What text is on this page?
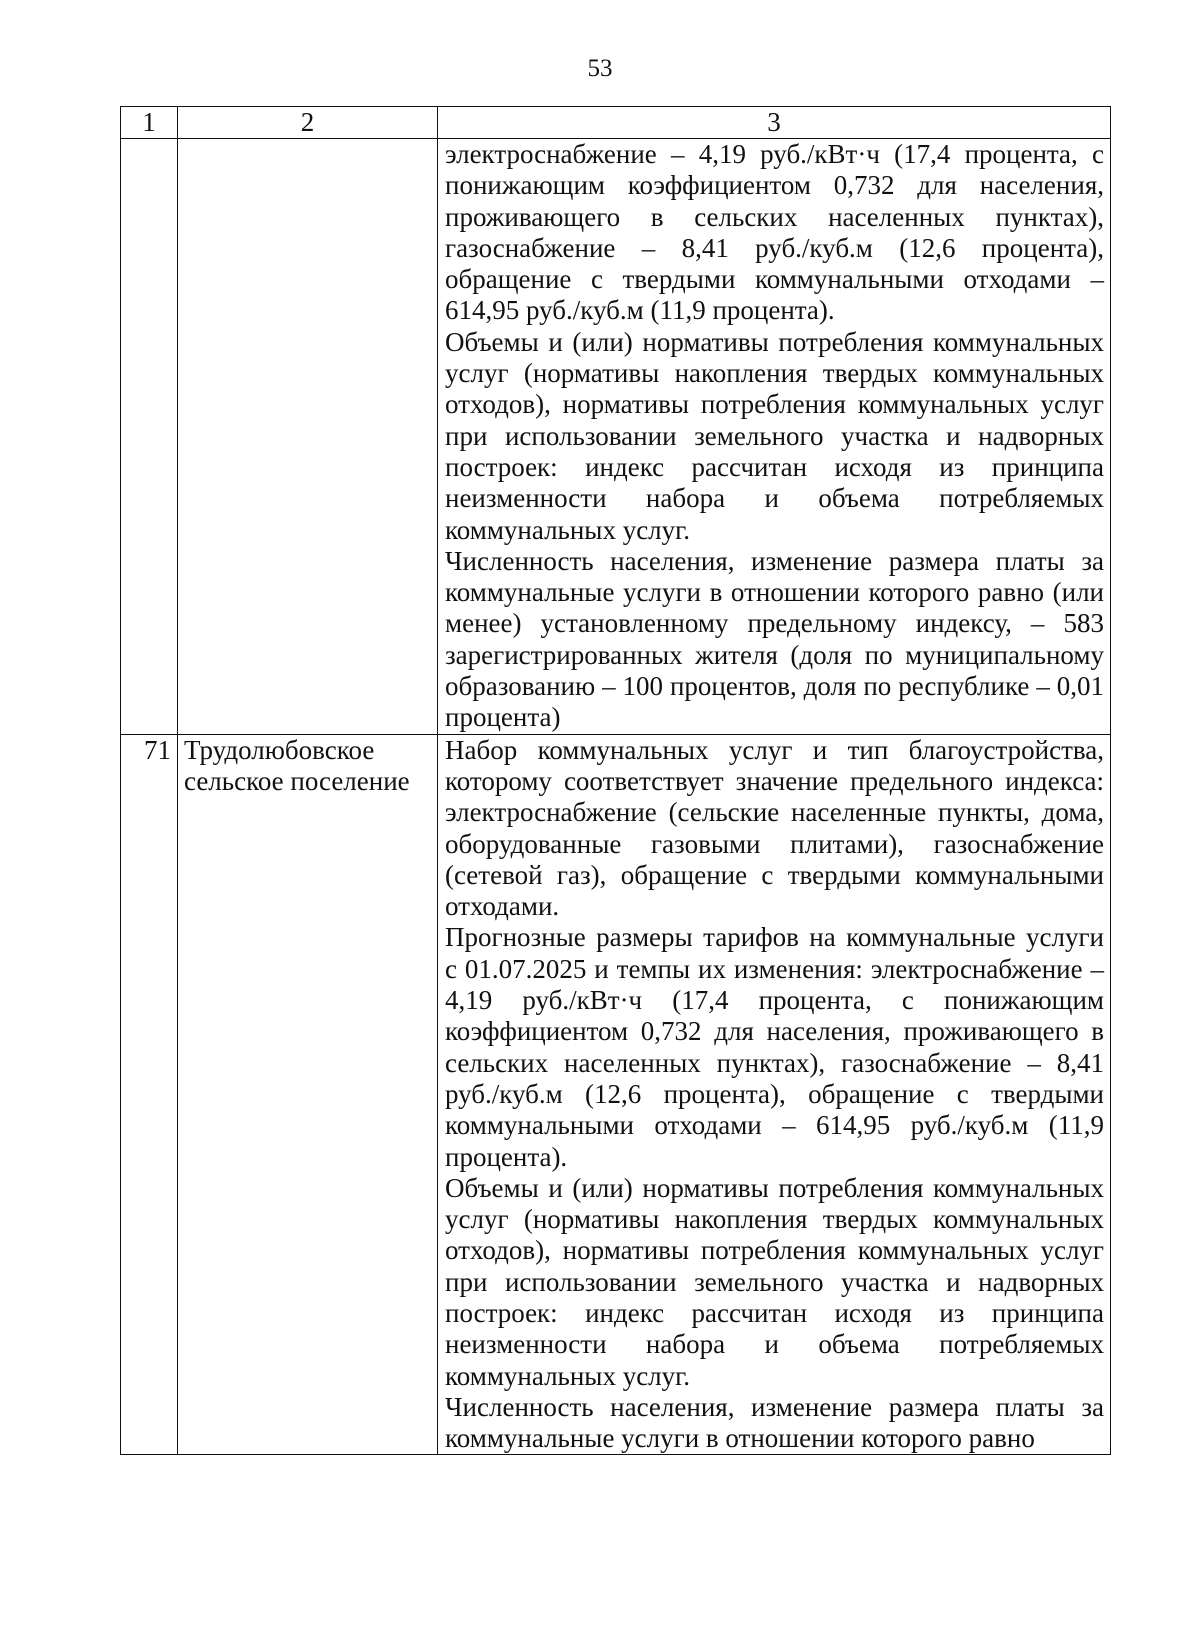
53
1	2	3

		электроснабжение – 4,19 руб./кВт·ч (17,4 процента, с понижающим коэффициентом 0,732 для населения, проживающего в сельских населенных пунктах), газоснабжение – 8,41 руб./куб.м (12,6 процента), обращение с твердыми коммунальными отходами – 614,95 руб./куб.м (11,9 процента).

Объемы и (или) нормативы потребления коммунальных услуг (нормативы накопления твердых коммунальных отходов), нормативы потребления коммунальных услуг при использовании земельного участка и надворных построек: индекс рассчитан исходя из принципа неизменности набора и объема потребляемых коммунальных услуг.

Численность населения, изменение размера платы за коммунальные услуги в отношении которого равно (или менее) установленному предельному индексу, – 583 зарегистрированных жителя (доля по муниципальному образованию – 100 процентов, доля по республике – 0,01 процента)

71	Трудолюбовское сельское поселение	Набор коммунальных услуг и тип благоустройства, которому соответствует значение предельного индекса: электроснабжение (сельские населенные пункты, дома, оборудованные газовыми плитами), газоснабжение (сетевой газ), обращение с твердыми коммунальными отходами.

Прогнозные размеры тарифов на коммунальные услуги с 01.07.2025 и темпы их изменения: электроснабжение – 4,19 руб./кВт·ч (17,4 процента, с понижающим коэффициентом 0,732 для населения, проживающего в сельских населенных пунктах), газоснабжение – 8,41 руб./куб.м (12,6 процента), обращение с твердыми коммунальными отходами – 614,95 руб./куб.м (11,9 процента).

Объемы и (или) нормативы потребления коммунальных услуг (нормативы накопления твердых коммунальных отходов), нормативы потребления коммунальных услуг при использовании земельного участка и надворных построек: индекс рассчитан исходя из принципа неизменности набора и объема потребляемых коммунальных услуг.

Численность населения, изменение размера платы за коммунальные услуги в отношении которого равно
